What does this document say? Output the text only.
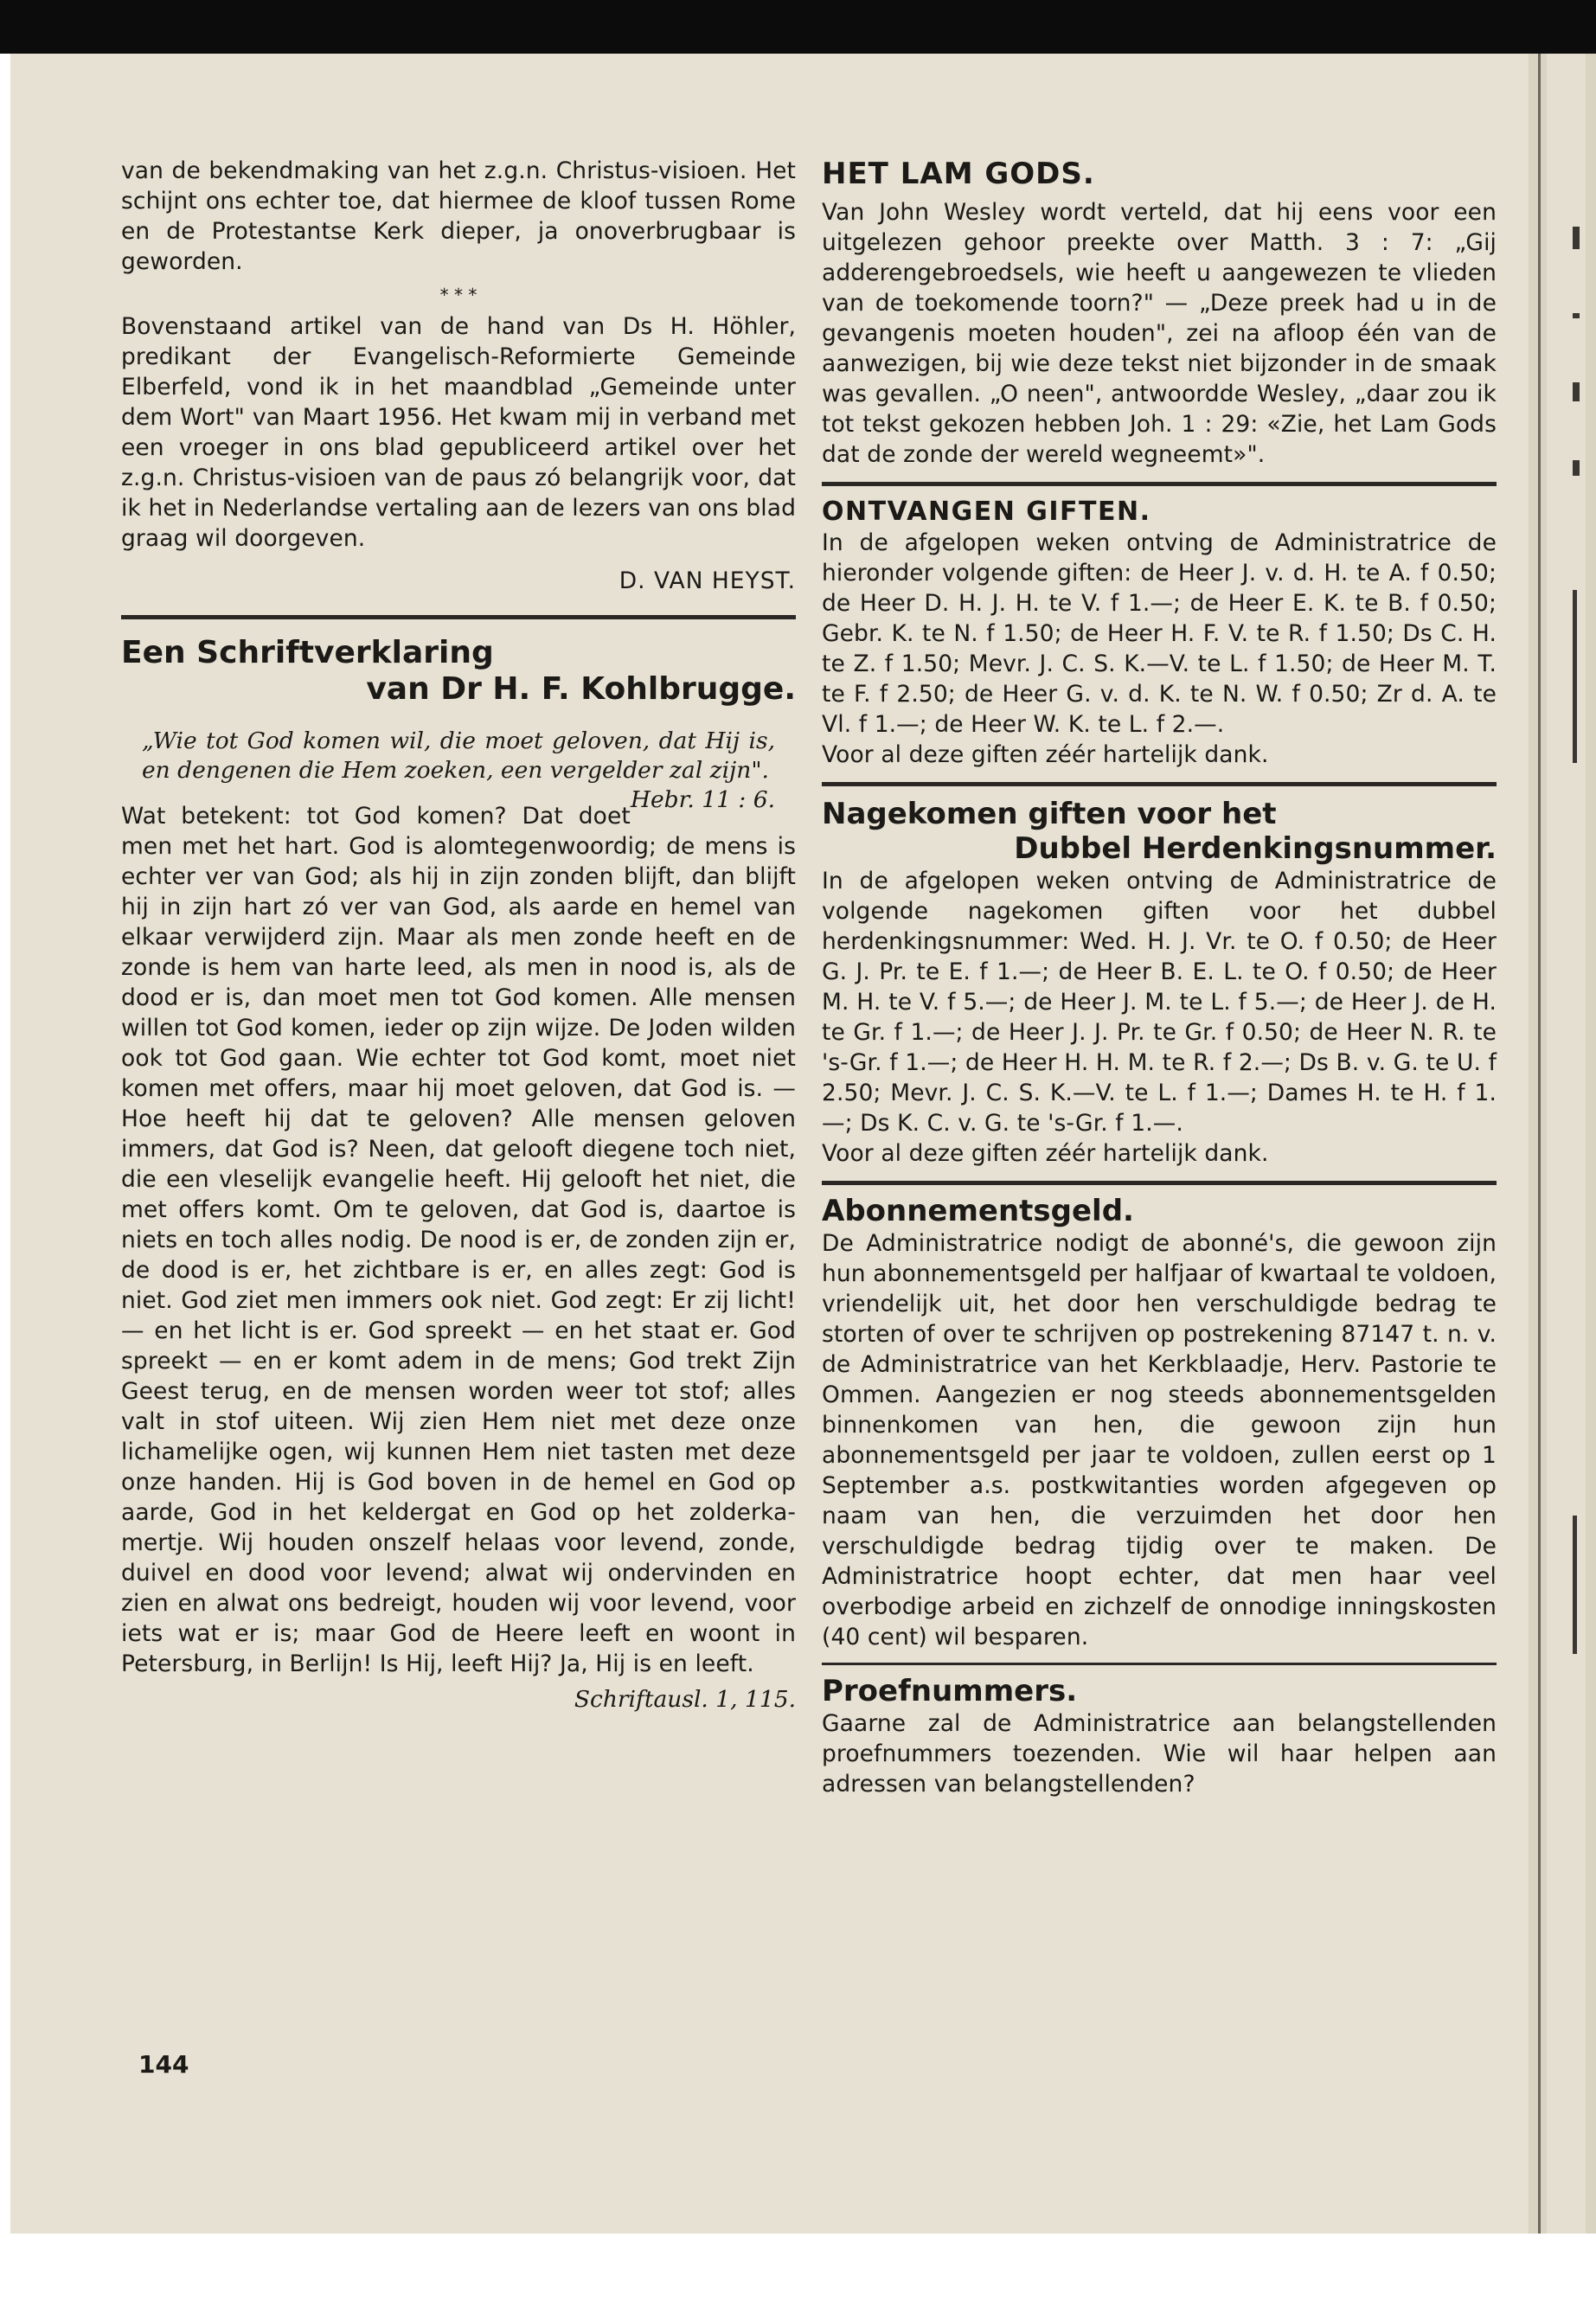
van de bekendmaking van het z.g.n. Christus-visioen. Het schijnt ons echter toe, dat hiermee de kloof tussen Rome en de Protestantse Kerk dieper, ja onoverbrugbaar is geworden.

* * *

Bovenstaand artikel van de hand van Ds H. Höhler, predikant der Evangelisch-Reformierte Gemeinde Elberfeld, vond ik in het maandblad „Gemeinde unter dem Wort" van Maart 1956. Het kwam mij in verband met een vroeger in ons blad gepubliceerd artikel over het z.g.n. Christus-visioen van de paus zó belangrijk voor, dat ik het in Nederlandse vertaling aan de lezers van ons blad graag wil doorgeven.

D. VAN HEYST.
Een Schriftverklaring
van Dr H. F. Kohlbrugge.
„Wie tot God komen wil, die moet geloven, dat Hij is, en dengenen die Hem zoeken, een vergelder zal zijn".
Hebr. 11 : 6.

Wat betekent: tot God komen? Dat doet men met het hart. God is alomtegenwoordig; de mens is echter ver van God; als hij in zijn zonden blijft, dan blijft hij in zijn hart zó ver van God, als aarde en hemel van elkaar verwijderd zijn. Maar als men zonde heeft en de zonde is hem van harte leed, als men in nood is, als de dood er is, dan moet men tot God komen. Alle mensen willen tot God komen, ieder op zijn wijze. De Joden wilden ook tot God gaan. Wie echter tot God komt, moet niet komen met offers, maar hij moet geloven, dat God is. — Hoe heeft hij dat te geloven? Alle mensen geloven immers, dat God is? Neen, dat gelooft diegene toch niet, die een vleselijk evangelie heeft. Hij gelooft het niet, die met offers komt. Om te geloven, dat God is, daartoe is niets en toch alles nodig. De nood is er, de zonden zijn er, de dood is er, het zichtbare is er, en alles zegt: God is niet. God ziet men immers ook niet. God zegt: Er zij licht! — en het licht is er. God spreekt — en het staat er. God spreekt — en er komt adem in de mens; God trekt Zijn Geest terug, en de mensen worden weer tot stof; alles valt in stof uiteen. Wij zien Hem niet met deze onze lichamelijke ogen, wij kunnen Hem niet tasten met deze onze handen. Hij is God boven in de hemel en God op aarde, God in het keldergat en God op het zolderka-mertje. Wij houden onszelf helaas voor levend, zonde, duivel en dood voor levend; alwat wij ondervinden en zien en alwat ons bedreigt, houden wij voor levend, voor iets wat er is; maar God de Heere leeft en woont in Petersburg, in Berlijn! Is Hij, leeft Hij? Ja, Hij is en leeft.

Schriftausl. 1, 115.
144
HET LAM GODS.

Van John Wesley wordt verteld, dat hij eens voor een uitgelezen gehoor preekte over Matth. 3 : 7: „Gij adderengebroedsels, wie heeft u aangewezen te vlieden van de toekomende toorn?" — „Deze preek had u in de gevangenis moeten houden", zei na afloop één van de aanwezigen, bij wie deze tekst niet bijzonder in de smaak was gevallen. „O neen", antwoordde Wesley, „daar zou ik tot tekst gekozen hebben Joh. 1 : 29: «Zie, het Lam Gods dat de zonde der wereld wegneemt»".

ONTVANGEN GIFTEN.

In de afgelopen weken ontving de Administratrice de hieronder volgende giften: de Heer J. v. d. H. te A. f 0.50; de Heer D. H. J. H. te V. f 1.—; de Heer E. K. te B. f 0.50; Gebr. K. te N. f 1.50; de Heer H. F. V. te R. f 1.50; Ds C. H. te Z. f 1.50; Mevr. J. C. S. K.—V. te L. f 1.50; de Heer M. T. te F. f 2.50; de Heer G. v. d. K. te N. W. f 0.50; Zr d. A. te Vl. f 1.—; de Heer W. K. te L. f 2.—.

Voor al deze giften zéér hartelijk dank.

Nagekomen giften voor het
Dubbel Herdenkingsnummer.

In de afgelopen weken ontving de Administratrice de volgende nagekomen giften voor het dubbel herdenkingsnummer: Wed. H. J. Vr. te O. f 0.50; de Heer G. J. Pr. te E. f 1.—; de Heer B. E. L. te O. f 0.50; de Heer M. H. te V. f 5.—; de Heer J. M. te L. f 5.—; de Heer J. de H. te Gr. f 1.—; de Heer J. J. Pr. te Gr. f 0.50; de Heer N. R. te 's-Gr. f 1.—; de Heer H. H. M. te R. f 2.—; Ds B. v. G. te U. f 2.50; Mevr. J. C. S. K.—V. te L. f 1.—; Dames H. te H. f 1.—; Ds K. C. v. G. te 's-Gr. f 1.—.

Voor al deze giften zéér hartelijk dank.

Abonnementsgeld.

De Administratrice nodigt de abonné's, die gewoon zijn hun abonnementsgeld per halfjaar of kwartaal te voldoen, vriendelijk uit, het door hen verschuldigde bedrag te storten of over te schrijven op postrekening 87147 t. n. v. de Administratrice van het Kerkblaadje, Herv. Pastorie te Ommen. Aangezien er nog steeds abonnementsgelden binnenkomen van hen, die gewoon zijn hun abonnementsgeld per jaar te voldoen, zullen eerst op 1 September a.s. postkwitanties worden afgegeven op naam van hen, die verzuimden het door hen verschuldigde bedrag tijdig over te maken. De Administratrice hoopt echter, dat men haar veel overbodige arbeid en zichzelf de onnodige inningskosten (40 cent) wil besparen.

Proefnummers.

Gaarne zal de Administratrice aan belangstellenden proefnummers toezenden. Wie wil haar helpen aan adressen van belangstellenden?
